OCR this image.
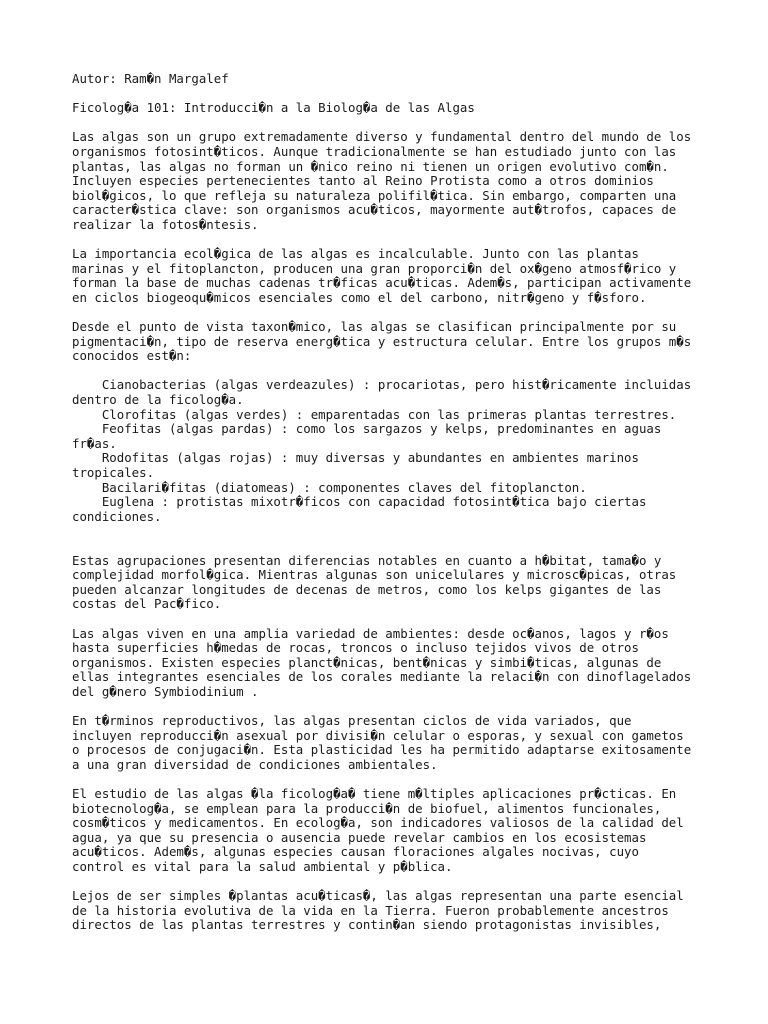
Autor: Ram�n Margalef
Ficolog�a 101: Introducci�n a la Biolog�a de las Algas
Las algas son un grupo extremadamente diverso y fundamental dentro del mundo de los
organismos fotosint�ticos. Aunque tradicionalmente se han estudiado junto con las
plantas, las algas no forman un �nico reino ni tienen un origen evolutivo com�n.
Incluyen especies pertenecientes tanto al Reino Protista como a otros dominios
biol�gicos, lo que refleja su naturaleza polifil�tica. Sin embargo, comparten una
caracter�stica clave: son organismos acu�ticos, mayormente aut�trofos, capaces de
realizar la fotos�ntesis.
La importancia ecol�gica de las algas es incalculable. Junto con las plantas
marinas y el fitoplancton, producen una gran proporci�n del ox�geno atmosf�rico y
forman la base de muchas cadenas tr�ficas acu�ticas. Adem�s, participan activamente
en ciclos biogeoqu�micos esenciales como el del carbono, nitr�geno y f�sforo.
Desde el punto de vista taxon�mico, las algas se clasifican principalmente por su
pigmentaci�n, tipo de reserva energ�tica y estructura celular. Entre los grupos m�s
conocidos est�n:
Cianobacterias (algas verdeazules) : procariotas, pero hist�ricamente incluidas
dentro de la ficolog�a.
Clorofitas (algas verdes) : emparentadas con las primeras plantas terrestres.
Feofitas (algas pardas) : como los sargazos y kelps, predominantes en aguas
fr�as.
Rodofitas (algas rojas) : muy diversas y abundantes en ambientes marinos
tropicales.
Bacilari�fitas (diatomeas) : componentes claves del fitoplancton.
Euglena : protistas mixotr�ficos con capacidad fotosint�tica bajo ciertas
condiciones.
Estas agrupaciones presentan diferencias notables en cuanto a h�bitat, tama�o y
complejidad morfol�gica. Mientras algunas son unicelulares y microsc�picas, otras
pueden alcanzar longitudes de decenas de metros, como los kelps gigantes de las
costas del Pac�fico.
Las algas viven en una amplia variedad de ambientes: desde oc�anos, lagos y r�os
hasta superficies h�medas de rocas, troncos o incluso tejidos vivos de otros
organismos. Existen especies planct�nicas, bent�nicas y simbi�ticas, algunas de
ellas integrantes esenciales de los corales mediante la relaci�n con dinoflagelados
del g�nero Symbiodinium .
En t�rminos reproductivos, las algas presentan ciclos de vida variados, que
incluyen reproducci�n asexual por divisi�n celular o esporas, y sexual con gametos
o procesos de conjugaci�n. Esta plasticidad les ha permitido adaptarse exitosamente
a una gran diversidad de condiciones ambientales.
El estudio de las algas �la ficolog�a� tiene m�ltiples aplicaciones pr�cticas. En
biotecnolog�a, se emplean para la producci�n de biofuel, alimentos funcionales,
cosm�ticos y medicamentos. En ecolog�a, son indicadores valiosos de la calidad del
agua, ya que su presencia o ausencia puede revelar cambios en los ecosistemas
acu�ticos. Adem�s, algunas especies causan floraciones algales nocivas, cuyo
control es vital para la salud ambiental y p�blica.
Lejos de ser simples �plantas acu�ticas�, las algas representan una parte esencial
de la historia evolutiva de la vida en la Tierra. Fueron probablemente ancestros
directos de las plantas terrestres y contin�an siendo protagonistas invisibles,
